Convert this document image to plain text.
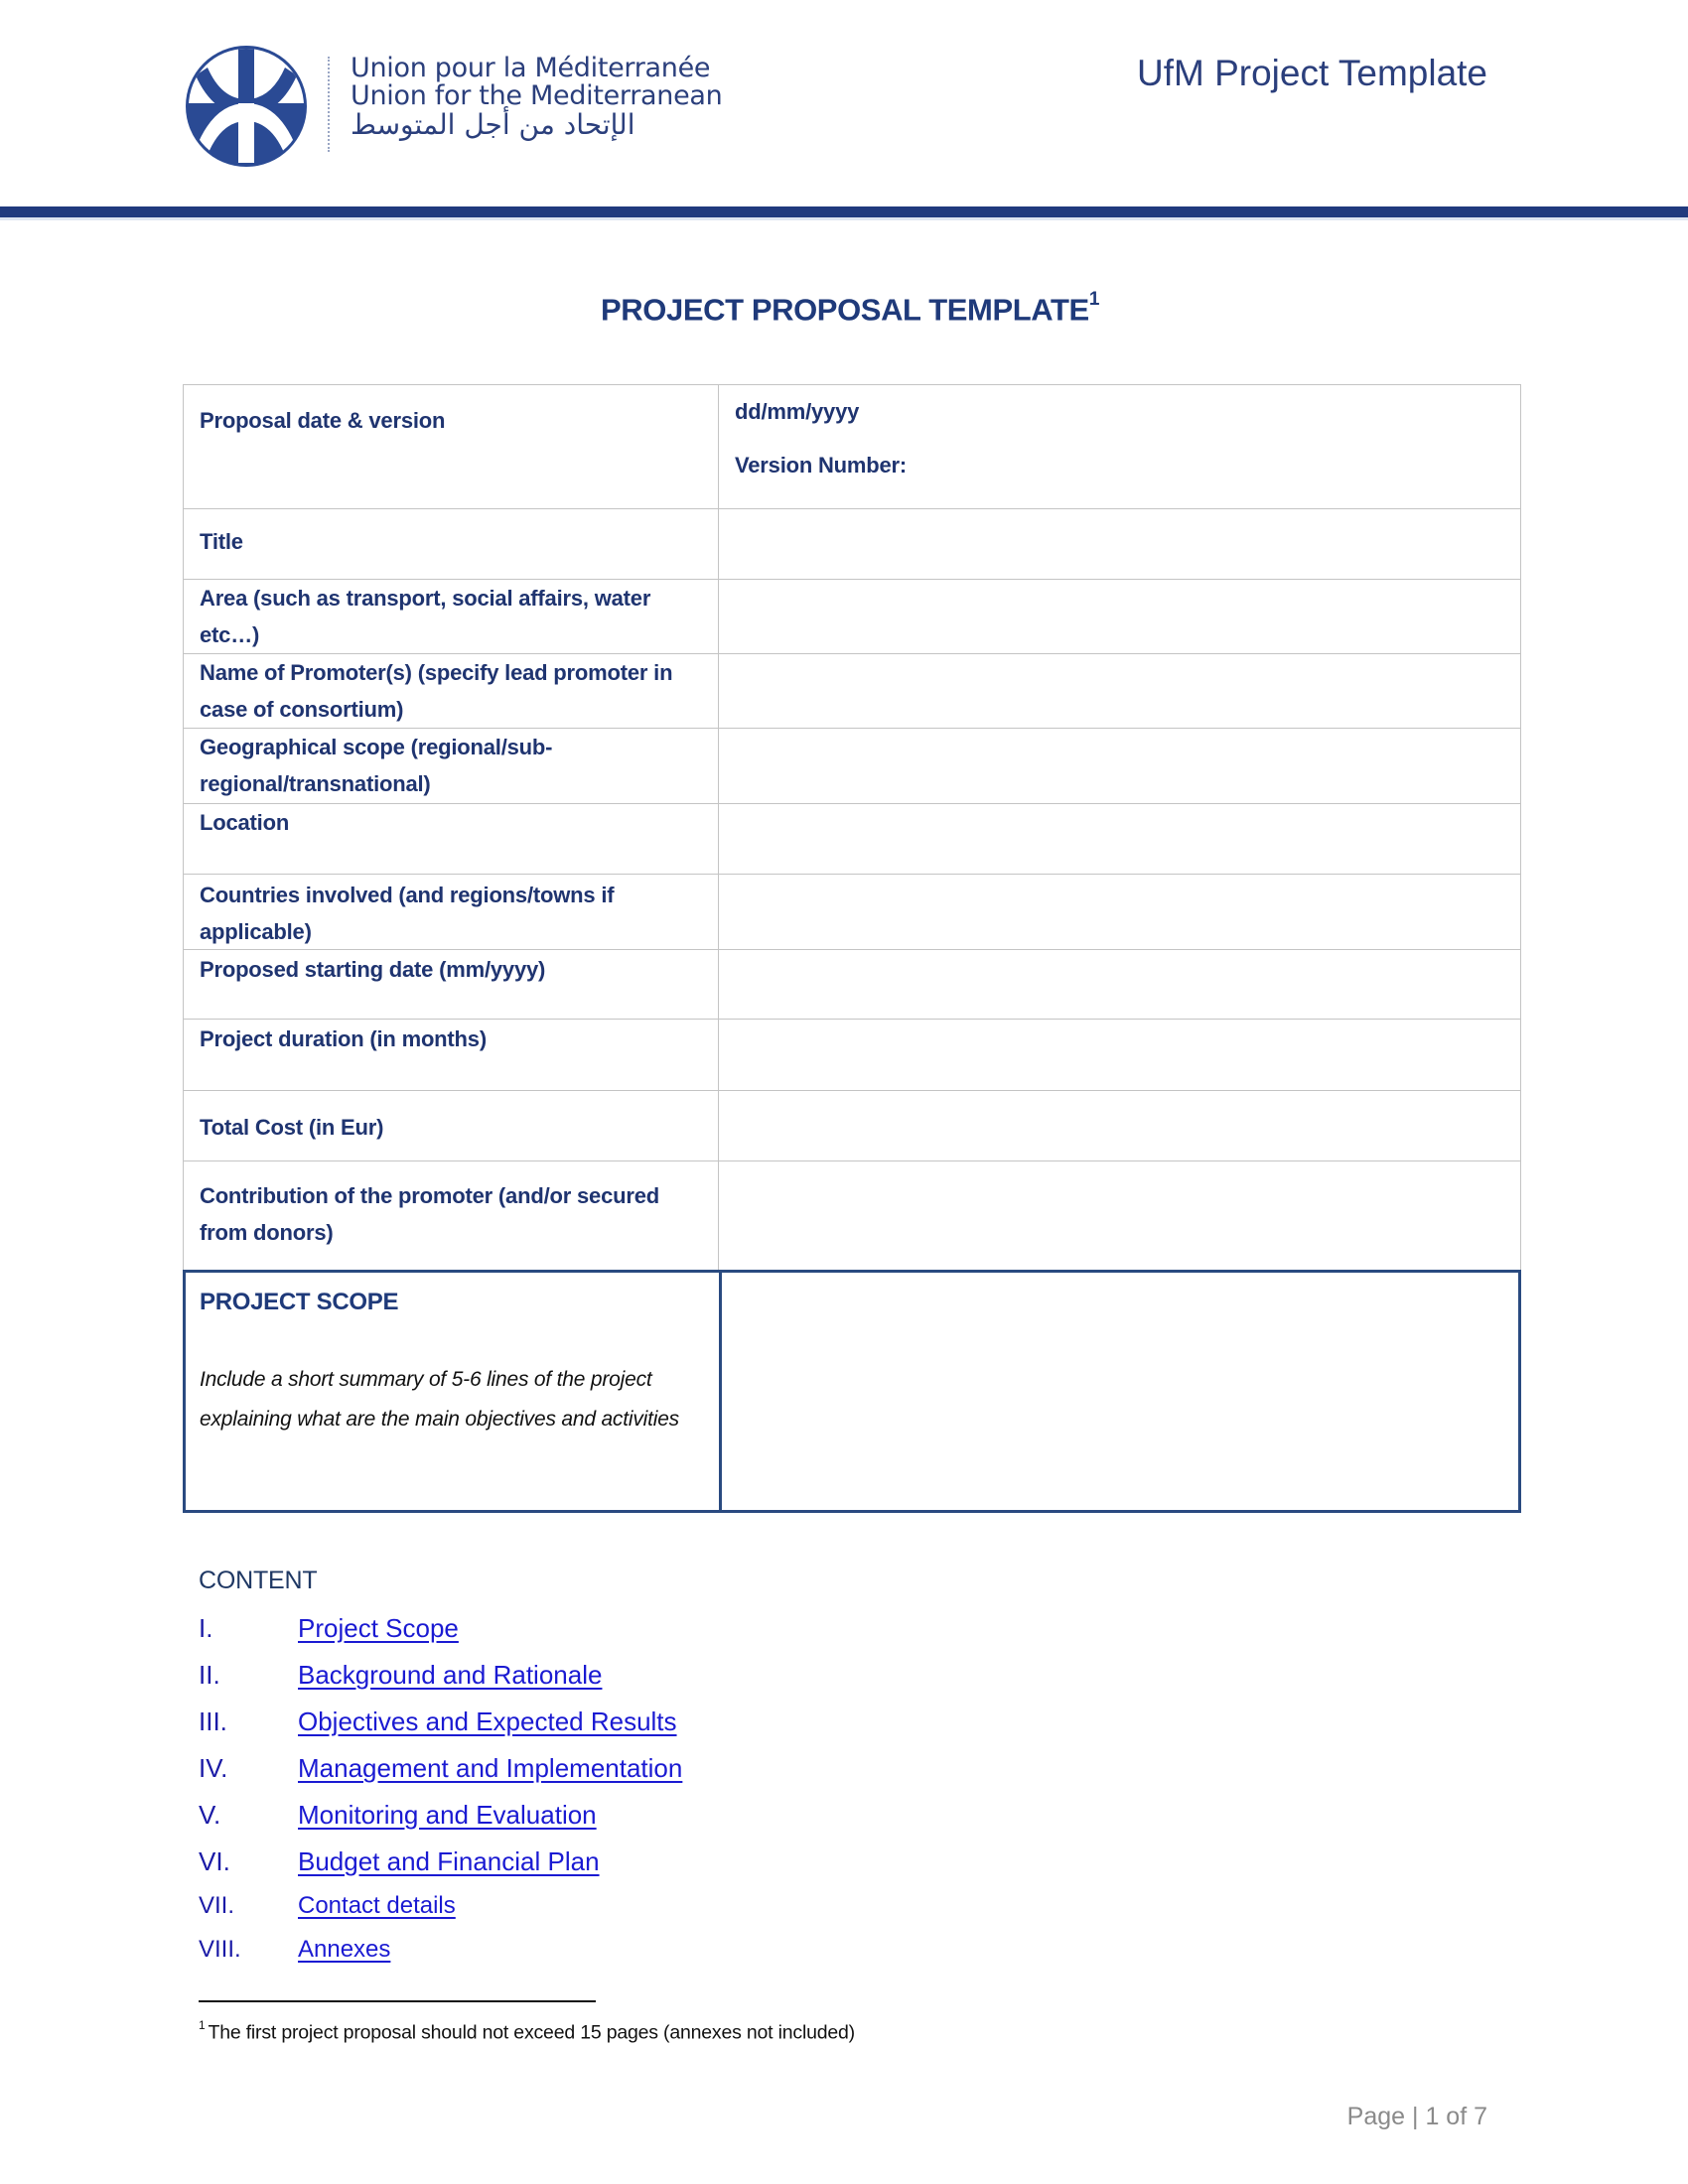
Union pour la Méditerranée
Union for the Mediterranean
الإتحاد من أجل المتوسط
UfM Project Template
PROJECT PROPOSAL TEMPLATE$^1$
Proposal date & version	dd/mm/yyyy
Version Number:
Title
Area (such as transport, social affairs, water etc…)
Name of Promoter(s) (specify lead promoter in case of consortium)
Geographical scope (regional/sub-regional/transnational)
Location
Countries involved (and regions/towns if applicable)
Proposed starting date (mm/yyyy)
Project duration (in months)
Total Cost (in Eur)
Contribution of the promoter (and/or secured from donors)
PROJECT SCOPE
Include a short summary of 5-6 lines of the project explaining what are the main objectives and activities
CONTENT
I.	Project Scope
II.	Background and Rationale
III.	Objectives and Expected Results
IV.	Management and Implementation
V.	Monitoring and Evaluation
VI.	Budget and Financial Plan
VII.	Contact details
VIII. Annexes
$^1$ The first project proposal should not exceed 15 pages (annexes not included)
Page | 1 of 7
